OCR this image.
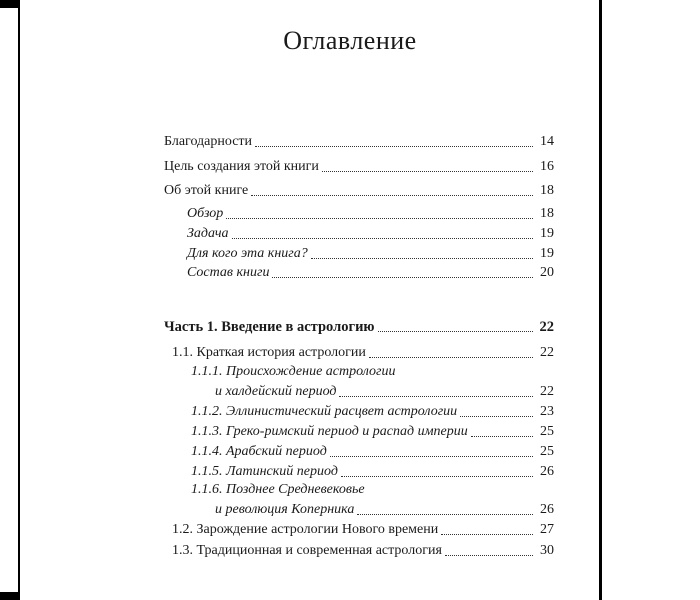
Оглавление
Благодарности	14
Цель создания этой книги	16
Об этой книге	18
Обзор	18
Задача	19
Для кого эта книга?	19
Состав книги	20
Часть 1. Введение в астрологию	22
1.1. Краткая история астрологии	22
1.1.1. Происхождение астрологии
и халдейский период	22
1.1.2. Эллинистический расцвет астрологии	23
1.1.3. Греко-римский период и распад империи	25
1.1.4. Арабский период	25
1.1.5. Латинский период	26
1.1.6. Позднее Средневековье
и революция Коперника	26
1.2. Зарождение астрологии Нового времени	27
1.3. Традиционная и современная астрология	30
